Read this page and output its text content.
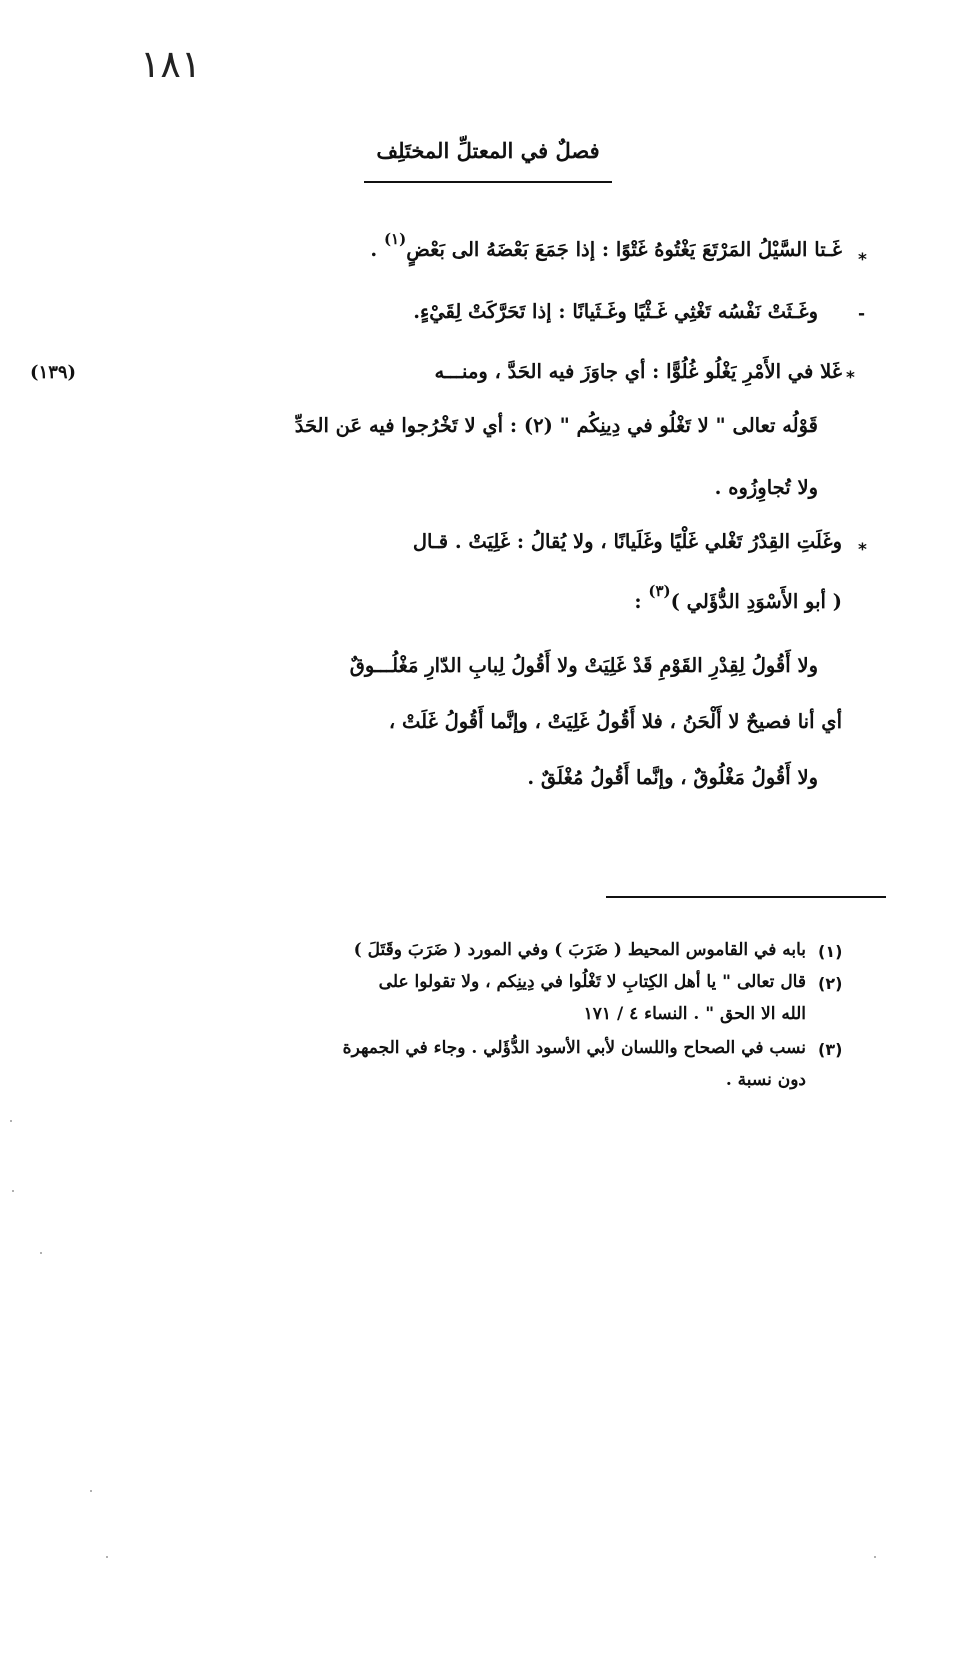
١٨١
فصلٌ في المعتلِّ المختَلِف
*
غَـتا السَّيْلُ المَرْتَعَ يَغْتُوهُ غَتْوًا : إذا جَمَعَ بَعْضَهُ الى بَعْضٍ$^{(١)}$ .
-
وغَـثَتْ نَفْسُه تَغْثِي غَـثْيًا وغَـثَيانًا : إذا تَحَرَّكَتْ لِقَيْءٍ.
*
غَلا في الأَمْرِ يَغْلُو غُلُوًّا : أي جاوَزَ فيه الحَدَّ ، ومنـــه
(١٣٩)
قَوْلُه تعالى " لا تَغْلُو في دِينِكُم " (٢) : أي لا تَخْرُجوا فيه عَن الحَدِّ
ولا تُجاوِزُوه .
*
وغَلَتِ القِدْرُ تَغْلي غَلْيًا وغَلَيانًا ، ولا يُقالُ : غَلِيَتْ . قـال
( أبو الأَسْوَدِ الدُّؤَلي )$^{(٣)}$ :
ولا أَقُولُ لِقِدْرِ القَوْمِ قَدْ غَلِيَتْ ولا أَقُولُ لِبابِ الدّارِ مَغْلُـــوقٌ
أي أنا فصيحٌ لا أَلْحَنُ ، فلا أَقُولُ غَلِيَتْ ، وإنَّما أَقُولُ غَلَتْ ،
ولا أَقُولُ مَغْلُوقٌ ، وإنَّما أَقُولُ مُغْلَقٌ .
(١)
بابه في القاموس المحيط ( ضَرَبَ ) وفي المورد ( ضَرَبَ وقَتَلَ )
(٢)
قال تعالى " يا أهل الكِتابِ لا تَغْلُوا في دِينِكم ، ولا تقولوا على
الله الا الحق " . النساء ٤ / ١٧١
(٣)
نسب في الصحاح واللسان لأبي الأسود الدُّؤَلي . وجاء في الجمهرة
دون نسبة .
